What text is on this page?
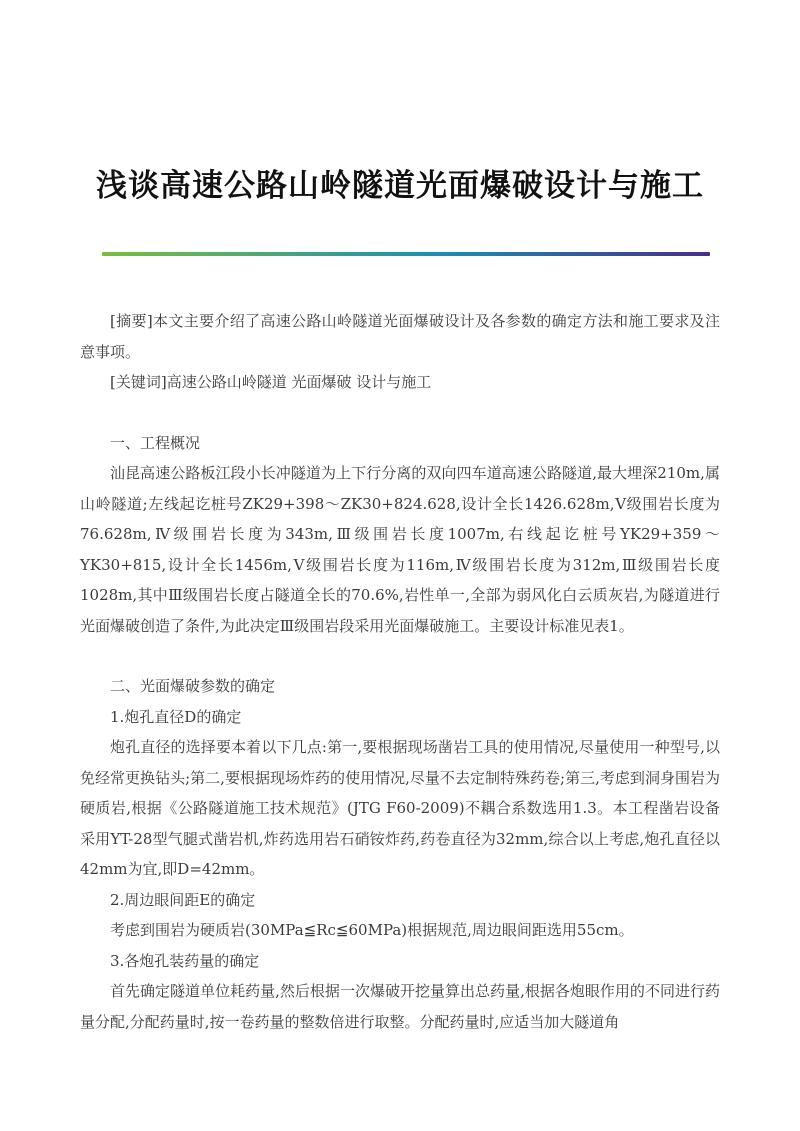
浅谈高速公路山岭隧道光面爆破设计与施工

[摘要]本文主要介绍了高速公路山岭隧道光面爆破设计及各参数的确定方法和施工要求及注意事项。

[关键词]高速公路山岭隧道 光面爆破 设计与施工

一、工程概况

汕昆高速公路板江段小长冲隧道为上下行分离的双向四车道高速公路隧道,最大埋深210m,属山岭隧道;左线起讫桩号ZK29+398～ZK30+824.628,设计全长1426.628m,Ⅴ级围岩长度为76.628m,Ⅳ级围岩长度为343m,Ⅲ级围岩长度1007m,右线起讫桩号YK29+359～YK30+815,设计全长1456m,Ⅴ级围岩长度为116m,Ⅳ级围岩长度为312m,Ⅲ级围岩长度1028m,其中Ⅲ级围岩长度占隧道全长的70.6%,岩性单一,全部为弱风化白云质灰岩,为隧道进行光面爆破创造了条件,为此决定Ⅲ级围岩段采用光面爆破施工。主要设计标准见表1。

二、光面爆破参数的确定

1.炮孔直径D的确定

炮孔直径的选择要本着以下几点:第一,要根据现场凿岩工具的使用情况,尽量使用一种型号,以免经常更换钻头;第二,要根据现场炸药的使用情况,尽量不去定制特殊药卷;第三,考虑到洞身围岩为硬质岩,根据《公路隧道施工技术规范》(JTG F60-2009)不耦合系数选用1.3。本工程凿岩设备采用YT-28型气腿式凿岩机,炸药选用岩石硝铵炸药,药卷直径为32mm,综合以上考虑,炮孔直径以42mm为宜,即D=42mm。

2.周边眼间距E的确定

考虑到围岩为硬质岩(30MPa≦Rc≦60MPa)根据规范,周边眼间距选用55cm。

3.各炮孔装药量的确定

首先确定隧道单位耗药量,然后根据一次爆破开挖量算出总药量,根据各炮眼作用的不同进行药量分配,分配药量时,按一卷药量的整数倍进行取整。分配药量时,应适当加大隧道角
